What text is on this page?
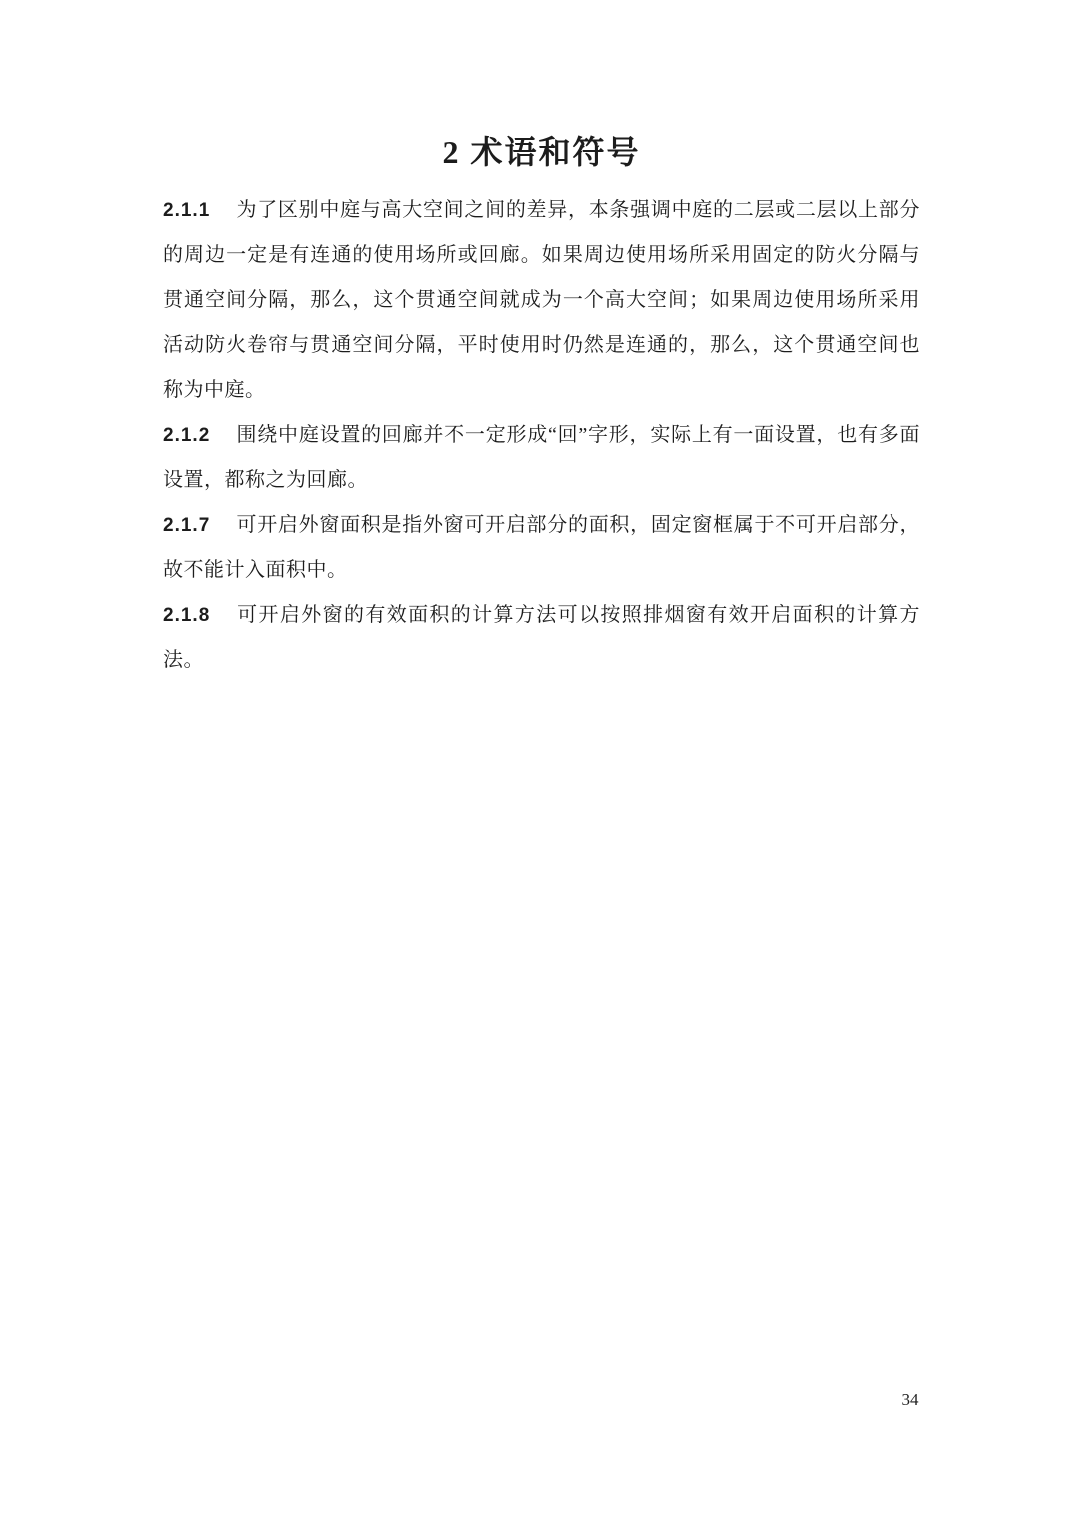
2 术语和符号

2.1.1 为了区别中庭与高大空间之间的差异，本条强调中庭的二层或二层以上部分的周边一定是有连通的使用场所或回廊。如果周边使用场所采用固定的防火分隔与贯通空间分隔，那么，这个贯通空间就成为一个高大空间；如果周边使用场所采用活动防火卷帘与贯通空间分隔，平时使用时仍然是连通的，那么，这个贯通空间也称为中庭。

2.1.2 围绕中庭设置的回廊并不一定形成“回”字形，实际上有一面设置，也有多面设置，都称之为回廊。

2.1.7 可开启外窗面积是指外窗可开启部分的面积，固定窗框属于不可开启部分，故不能计入面积中。

2.1.8 可开启外窗的有效面积的计算方法可以按照排烟窗有效开启面积的计算方法。

34
